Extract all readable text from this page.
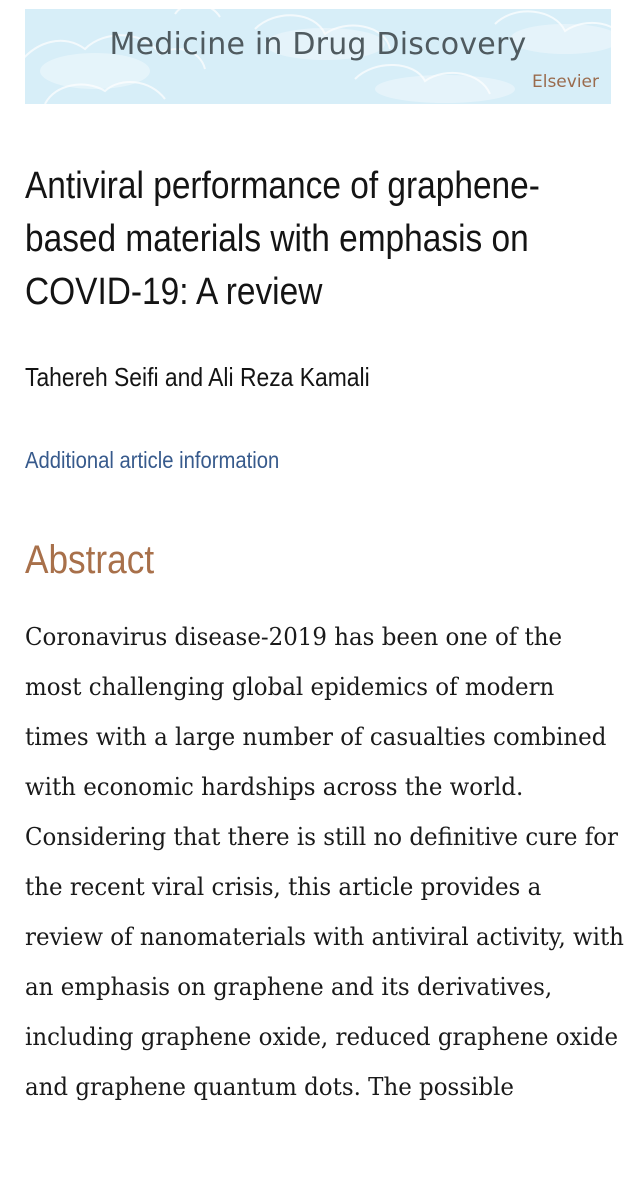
Medicine in Drug Discovery
Elsevier
Antiviral performance of graphene-based materials with emphasis on COVID-19: A review
Tahereh Seifi and Ali Reza Kamali
Additional article information
Abstract

Coronavirus disease-2019 has been one of the most challenging global epidemics of modern times with a large number of casualties combined with economic hardships across the world. Considering that there is still no definitive cure for the recent viral crisis, this article provides a review of nanomaterials with antiviral activity, with an emphasis on graphene and its derivatives, including graphene oxide, reduced graphene oxide and graphene quantum dots. The possible
